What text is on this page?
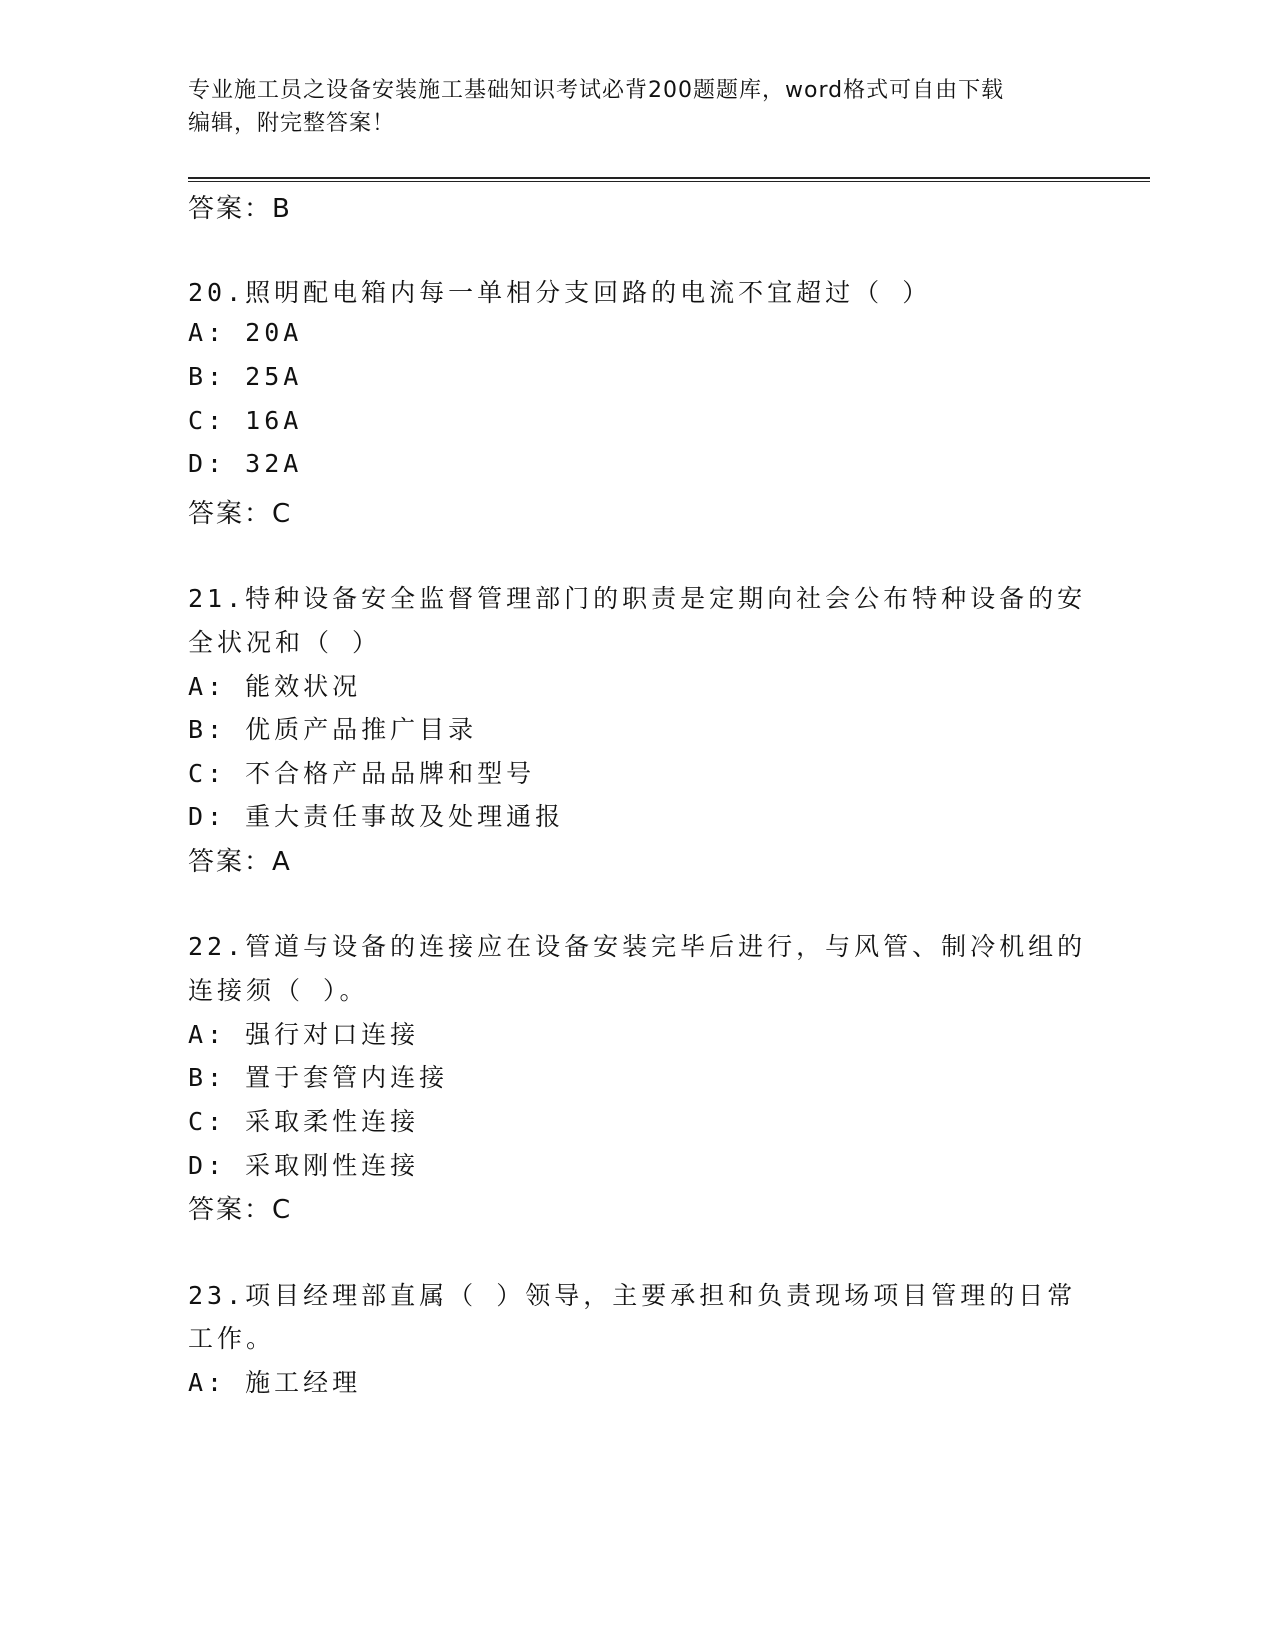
专业施工员之设备安装施工基础知识考试必背200题题库，word格式可自由下载
编辑，附完整答案！
答案：B
20.照明配电箱内每一单相分支回路的电流不宜超过（ ）
A: 20A
B: 25A
C: 16A
D: 32A
答案：C
21.特种设备安全监督管理部门的职责是定期向社会公布特种设备的安
全状况和（ ）
A: 能效状况
B: 优质产品推广目录
C: 不合格产品品牌和型号
D: 重大责任事故及处理通报
答案：A
22.管道与设备的连接应在设备安装完毕后进行，与风管、制冷机组的
连接须（ ）。
A: 强行对口连接
B: 置于套管内连接
C: 采取柔性连接
D: 采取刚性连接
答案：C
23.项目经理部直属（ ）领导，主要承担和负责现场项目管理的日常
工作。
A: 施工经理
